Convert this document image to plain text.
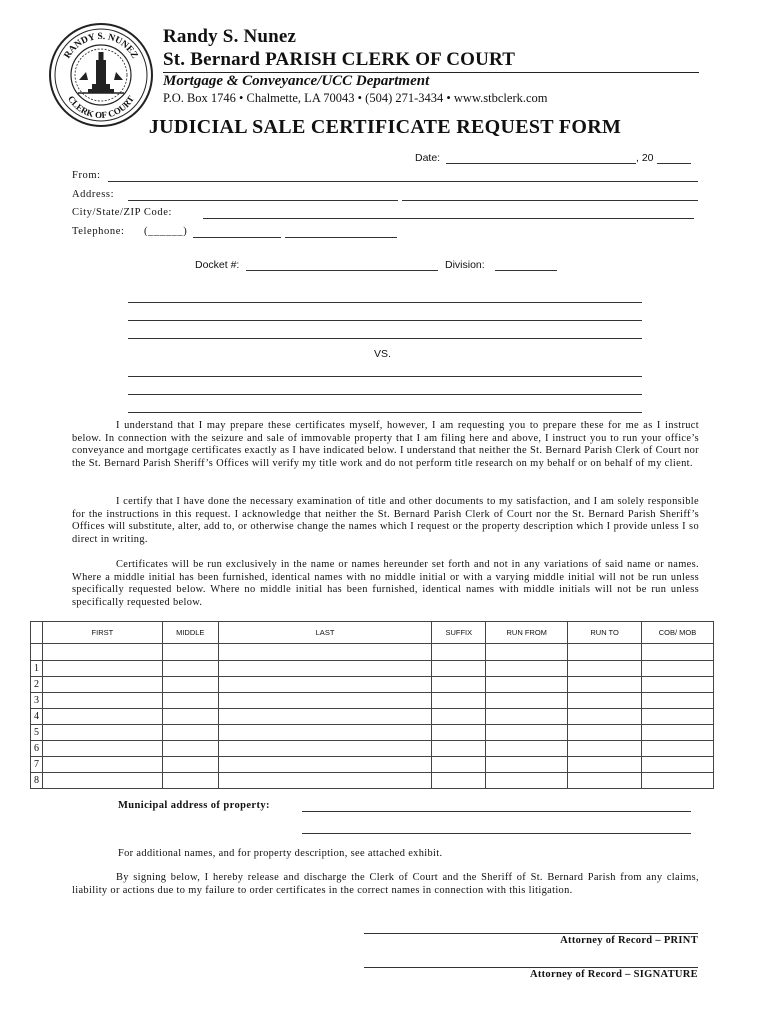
RANDY S. NUNEZ
CLERK OF COURT
Randy S. Nunez
St. Bernard PARISH CLERK OF COURT
Mortgage & Conveyance/UCC Department
P.O. Box 1746 • Chalmette, LA 70043 • (504) 271-3434 • www.stbclerk.com
JUDICIAL SALE CERTIFICATE REQUEST FORM
Date:	, 20
From:
Address:
City/State/ZIP Code:
Telephone: (______)
Docket #:	Division:
VS.
I understand that I may prepare these certificates myself, however, I am requesting you to prepare these for me as I instruct below. In connection with the seizure and sale of immovable property that I am filing here and above, I instruct you to run your office’s conveyance and mortgage certificates exactly as I have indicated below. I understand that neither the St. Bernard Parish Clerk of Court nor the St. Bernard Parish Sheriff’s Offices will verify my title work and do not perform title research on my behalf or on behalf of my client.
I certify that I have done the necessary examination of title and other documents to my satisfaction, and I am solely responsible for the instructions in this request. I acknowledge that neither the St. Bernard Parish Clerk of Court nor the St. Bernard Parish Sheriff’s Offices will substitute, alter, add to, or otherwise change the names which I request or the property description which I provide unless I so direct in writing.
Certificates will be run exclusively in the name or names hereunder set forth and not in any variations of said name or names. Where a middle initial has been furnished, identical names with no middle initial or with a varying middle initial will not be run unless specifically requested below. Where no middle initial has been furnished, identical names with middle initials will not be run unless specifically requested below.
	FIRST	MIDDLE	LAST	SUFFIX	RUN FROM	RUN TO	COB/ MOB

1							
2							
3							
4							
5							
6							
7							
8							
Municipal address of property:
For additional names, and for property description, see attached exhibit.
By signing below, I hereby release and discharge the Clerk of Court and the Sheriff of St. Bernard Parish from any claims, liability or actions due to my failure to order certificates in the correct names in connection with this litigation.
Attorney of Record – PRINT
Attorney of Record – SIGNATURE
